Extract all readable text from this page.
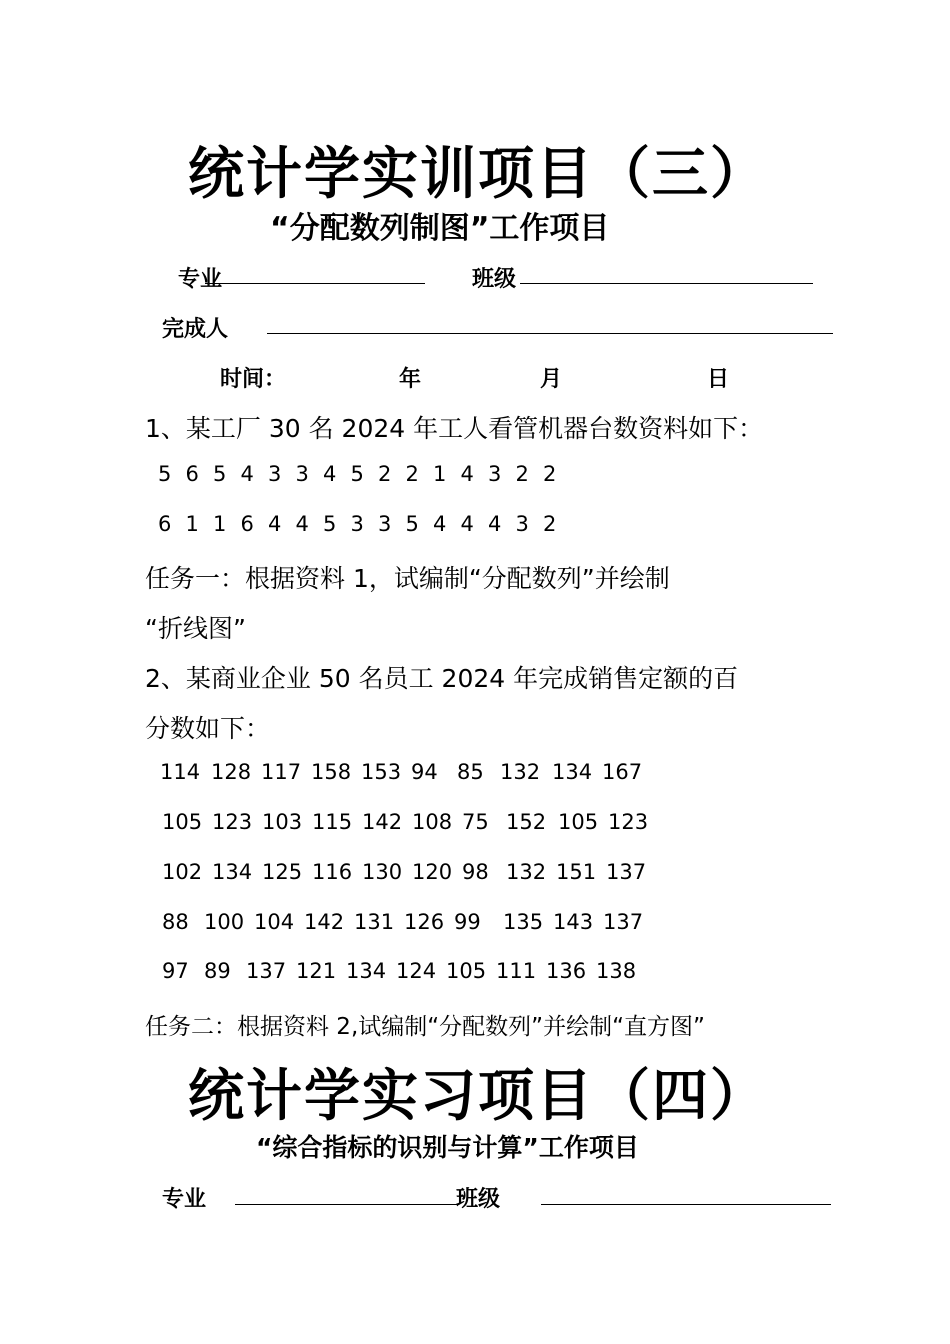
统计学实训项目（三）
“分配数列制图”工作项目
专业	班级
完成人
时间：	年	月	日
1、某工厂 30 名 2024 年工人看管机器台数资料如下：
5 6 5 4 3 3 4 5 2 2 1 4 3 2 2
6 1 1 6 4 4 5 3 3 5 4 4 4 3 2
任务一：根据资料 1，试编制“分配数列”并绘制
“折线图”
2、某商业企业 50 名员工 2024 年完成销售定额的百
分数如下：
114 128 117 158 153 94 85 132 134 167
105 123 103 115 142 108 75 152 105 123
102 134 125 116 130 120 98 132 151 137
88 100 104 142 131 126 99 135 143 137
97 89 137 121 134 124 105 111 136 138
任务二：根据资料 2,试编制“分配数列”并绘制“直方图”
统计学实习项目（四）
“综合指标的识别与计算”工作项目
专业	班级
